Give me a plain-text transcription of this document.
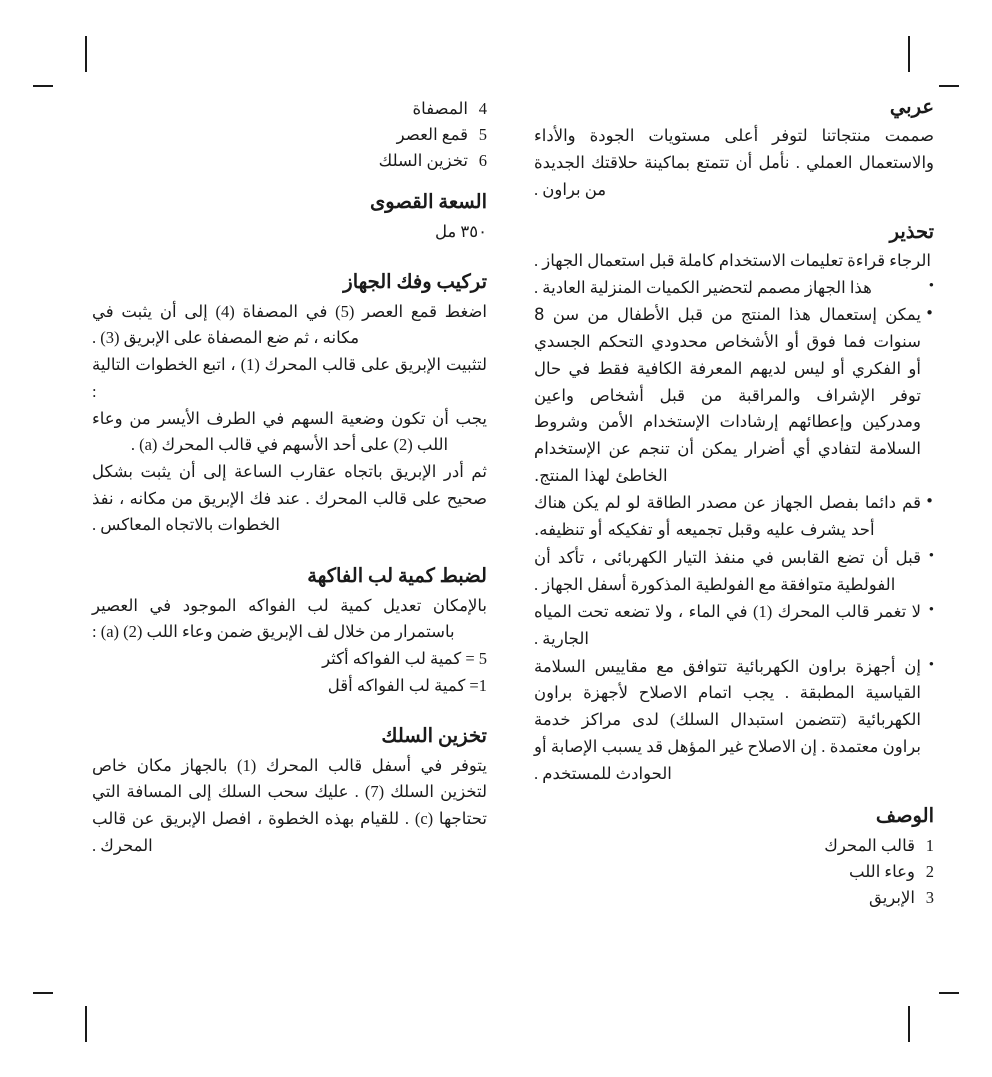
عربي

صممت منتجاتنا لتوفر أعلى مستويات الجودة والأداء والاستعمال العملي . نأمل أن تتمتع بماكينة حلاقتك الجديدة من براون .

تحذير

الرجاء قراءة تعليمات الاستخدام كاملة قبل استعمال الجهاز .

• هذا الجهاز مصمم لتحضير الكميات المنزلية العادية .
• يمكن إستعمال هذا المنتج من قبل الأطفال من سن 8 سنوات فما فوق أو الأشخاص محدودي التحكم الجسدي أو الفكري أو ليس لديهم المعرفة الكافية فقط في حال توفر الإشراف والمراقبة من قبل أشخاص واعين ومدركين وإعطائهم إرشادات الإستخدام الأمن وشروط السلامة لتفادي أي أضرار يمكن أن تنجم عن الإستخدام الخاطئ لهذا المنتج.
• قم دائما بفصل الجهاز عن مصدر الطاقة لو لم يكن هناك أحد يشرف عليه وقبل تجميعه أو تفكيكه أو تنظيفه.
• قبل أن تضع القابس في منفذ التيار الكهربائى ، تأكد أن الفولطية متوافقة مع الفولطية المذكورة أسفل الجهاز .
• لا تغمر قالب المحرك (1) في الماء ، ولا تضعه تحت المياه الجارية .
• إن أجهزة براون الكهربائية تتوافق مع مقاييس السلامة القياسية المطبقة . يجب اتمام الاصلاح لأجهزة براون الكهربائية (تتضمن استبدال السلك) لدى مراكز خدمة براون معتمدة . إن الاصلاح غير المؤهل قد يسبب الإصابة أو الحوادث للمستخدم .
الوصف
1قالب المحرك
2وعاء اللب
3الإبريق
4المصفاة
5قمع العصر
6تخزين السلك
السعة القصوى
٣٥٠ مل
تركيب وفك الجهاز

اضغط قمع العصر (5) في المصفاة (4) إلى أن يثبت في مكانه ، ثم ضع المصفاة على الإبريق (3) .

لتثبيت الإبريق على قالب المحرك (1) ، اتبع الخطوات التالية :

يجب أن تكون وضعية السهم في الطرف الأيسر من وعاء اللب (2) على أحد الأسهم في قالب المحرك (a) .

ثم أدر الإبريق باتجاه عقارب الساعة إلى أن يثبت بشكل صحيح على قالب المحرك . عند فك الإبريق من مكانه ، نفذ الخطوات بالاتجاه المعاكس .

لضبط كمية لب الفاكهة

بالإمكان تعديل كمية لب الفواكه الموجود في العصير باستمرار من خلال لف الإبريق ضمن وعاء اللب (2) (a) :

5 = كمية لب الفواكه أكثر
1= كمية لب الفواكه أقل
تخزين السلك

يتوفر في أسفل قالب المحرك (1) بالجهاز مكان خاص لتخزين السلك (7) . عليك سحب السلك إلى المسافة التي تحتاجها (c) . للقيام بهذه الخطوة ، افصل الإبريق عن قالب المحرك .
